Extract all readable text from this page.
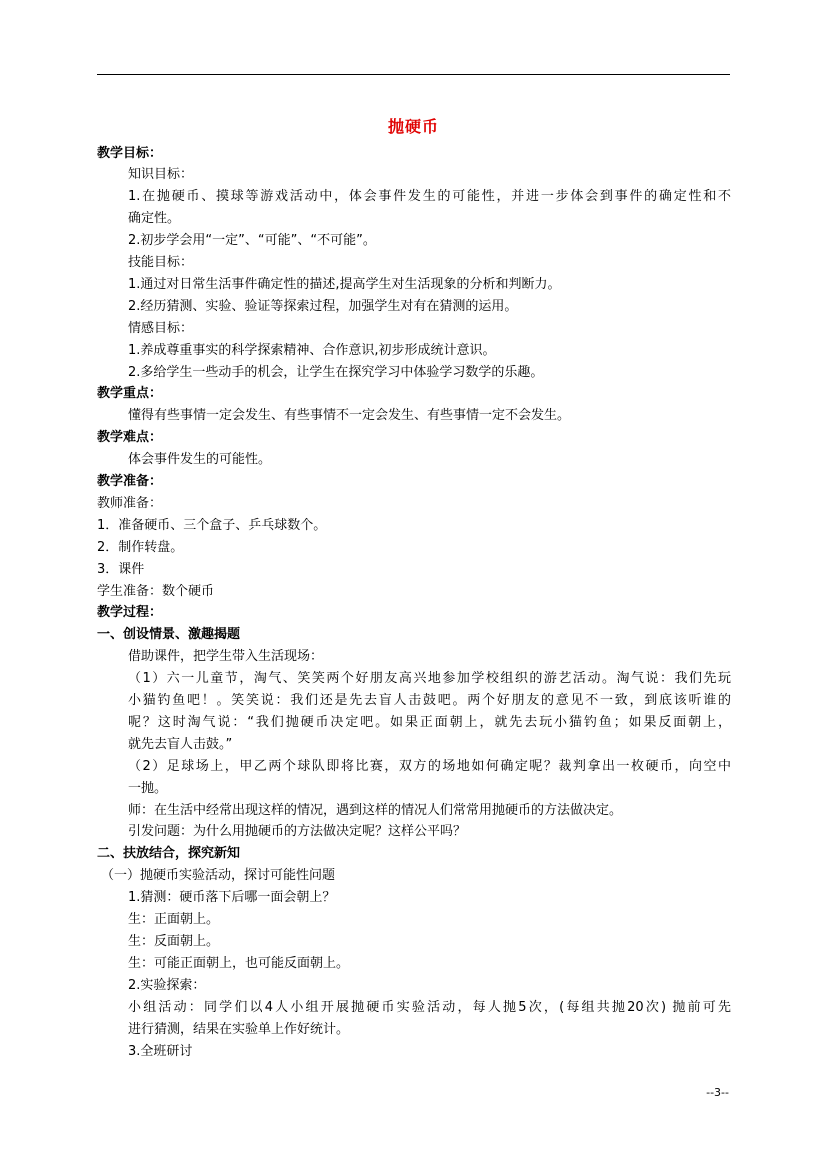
抛硬币
教学目标：
知识目标：
1.在抛硬币、摸球等游戏活动中，体会事件发生的可能性，并进一步体会到事件的确定性和不
确定性。
2.初步学会用“一定”、“可能”、“不可能”。
技能目标：
1.通过对日常生活事件确定性的描述,提高学生对生活现象的分析和判断力。
2.经历猜测、实验、验证等探索过程，加强学生对有在猜测的运用。
情感目标：
1.养成尊重事实的科学探索精神、合作意识,初步形成统计意识。
2.多给学生一些动手的机会，让学生在探究学习中体验学习数学的乐趣。
教学重点：
懂得有些事情一定会发生、有些事情不一定会发生、有些事情一定不会发生。
教学难点：
体会事件发生的可能性。
教学准备：
教师准备：
1．准备硬币、三个盒子、乒乓球数个。
2．制作转盘。
3．课件
学生准备：数个硬币
教学过程：
一、创设情景、激趣揭题
借助课件，把学生带入生活现场：
（1）六一儿童节，淘气、笑笑两个好朋友高兴地参加学校组织的游艺活动。淘气说：我们先玩
小猫钓鱼吧！。笑笑说：我们还是先去盲人击鼓吧。两个好朋友的意见不一致，到底该听谁的
呢？这时淘气说：“我们抛硬币决定吧。如果正面朝上，就先去玩小猫钓鱼；如果反面朝上，
就先去盲人击鼓。”
（2）足球场上，甲乙两个球队即将比赛，双方的场地如何确定呢？裁判拿出一枚硬币，向空中
一抛。
师：在生活中经常出现这样的情况，遇到这样的情况人们常常用抛硬币的方法做决定。
引发问题：为什么用抛硬币的方法做决定呢？这样公平吗？
二、扶放结合，探究新知
（一）抛硬币实验活动，探讨可能性问题
1.猜测：硬币落下后哪一面会朝上？
生：正面朝上。
生：反面朝上。
生：可能正面朝上，也可能反面朝上。
2.实验探索：
小组活动：同学们以4人小组开展抛硬币实验活动，每人抛5次，(每组共抛20次) 抛前可先
进行猜测，结果在实验单上作好统计。
3.全班研讨
--3--
